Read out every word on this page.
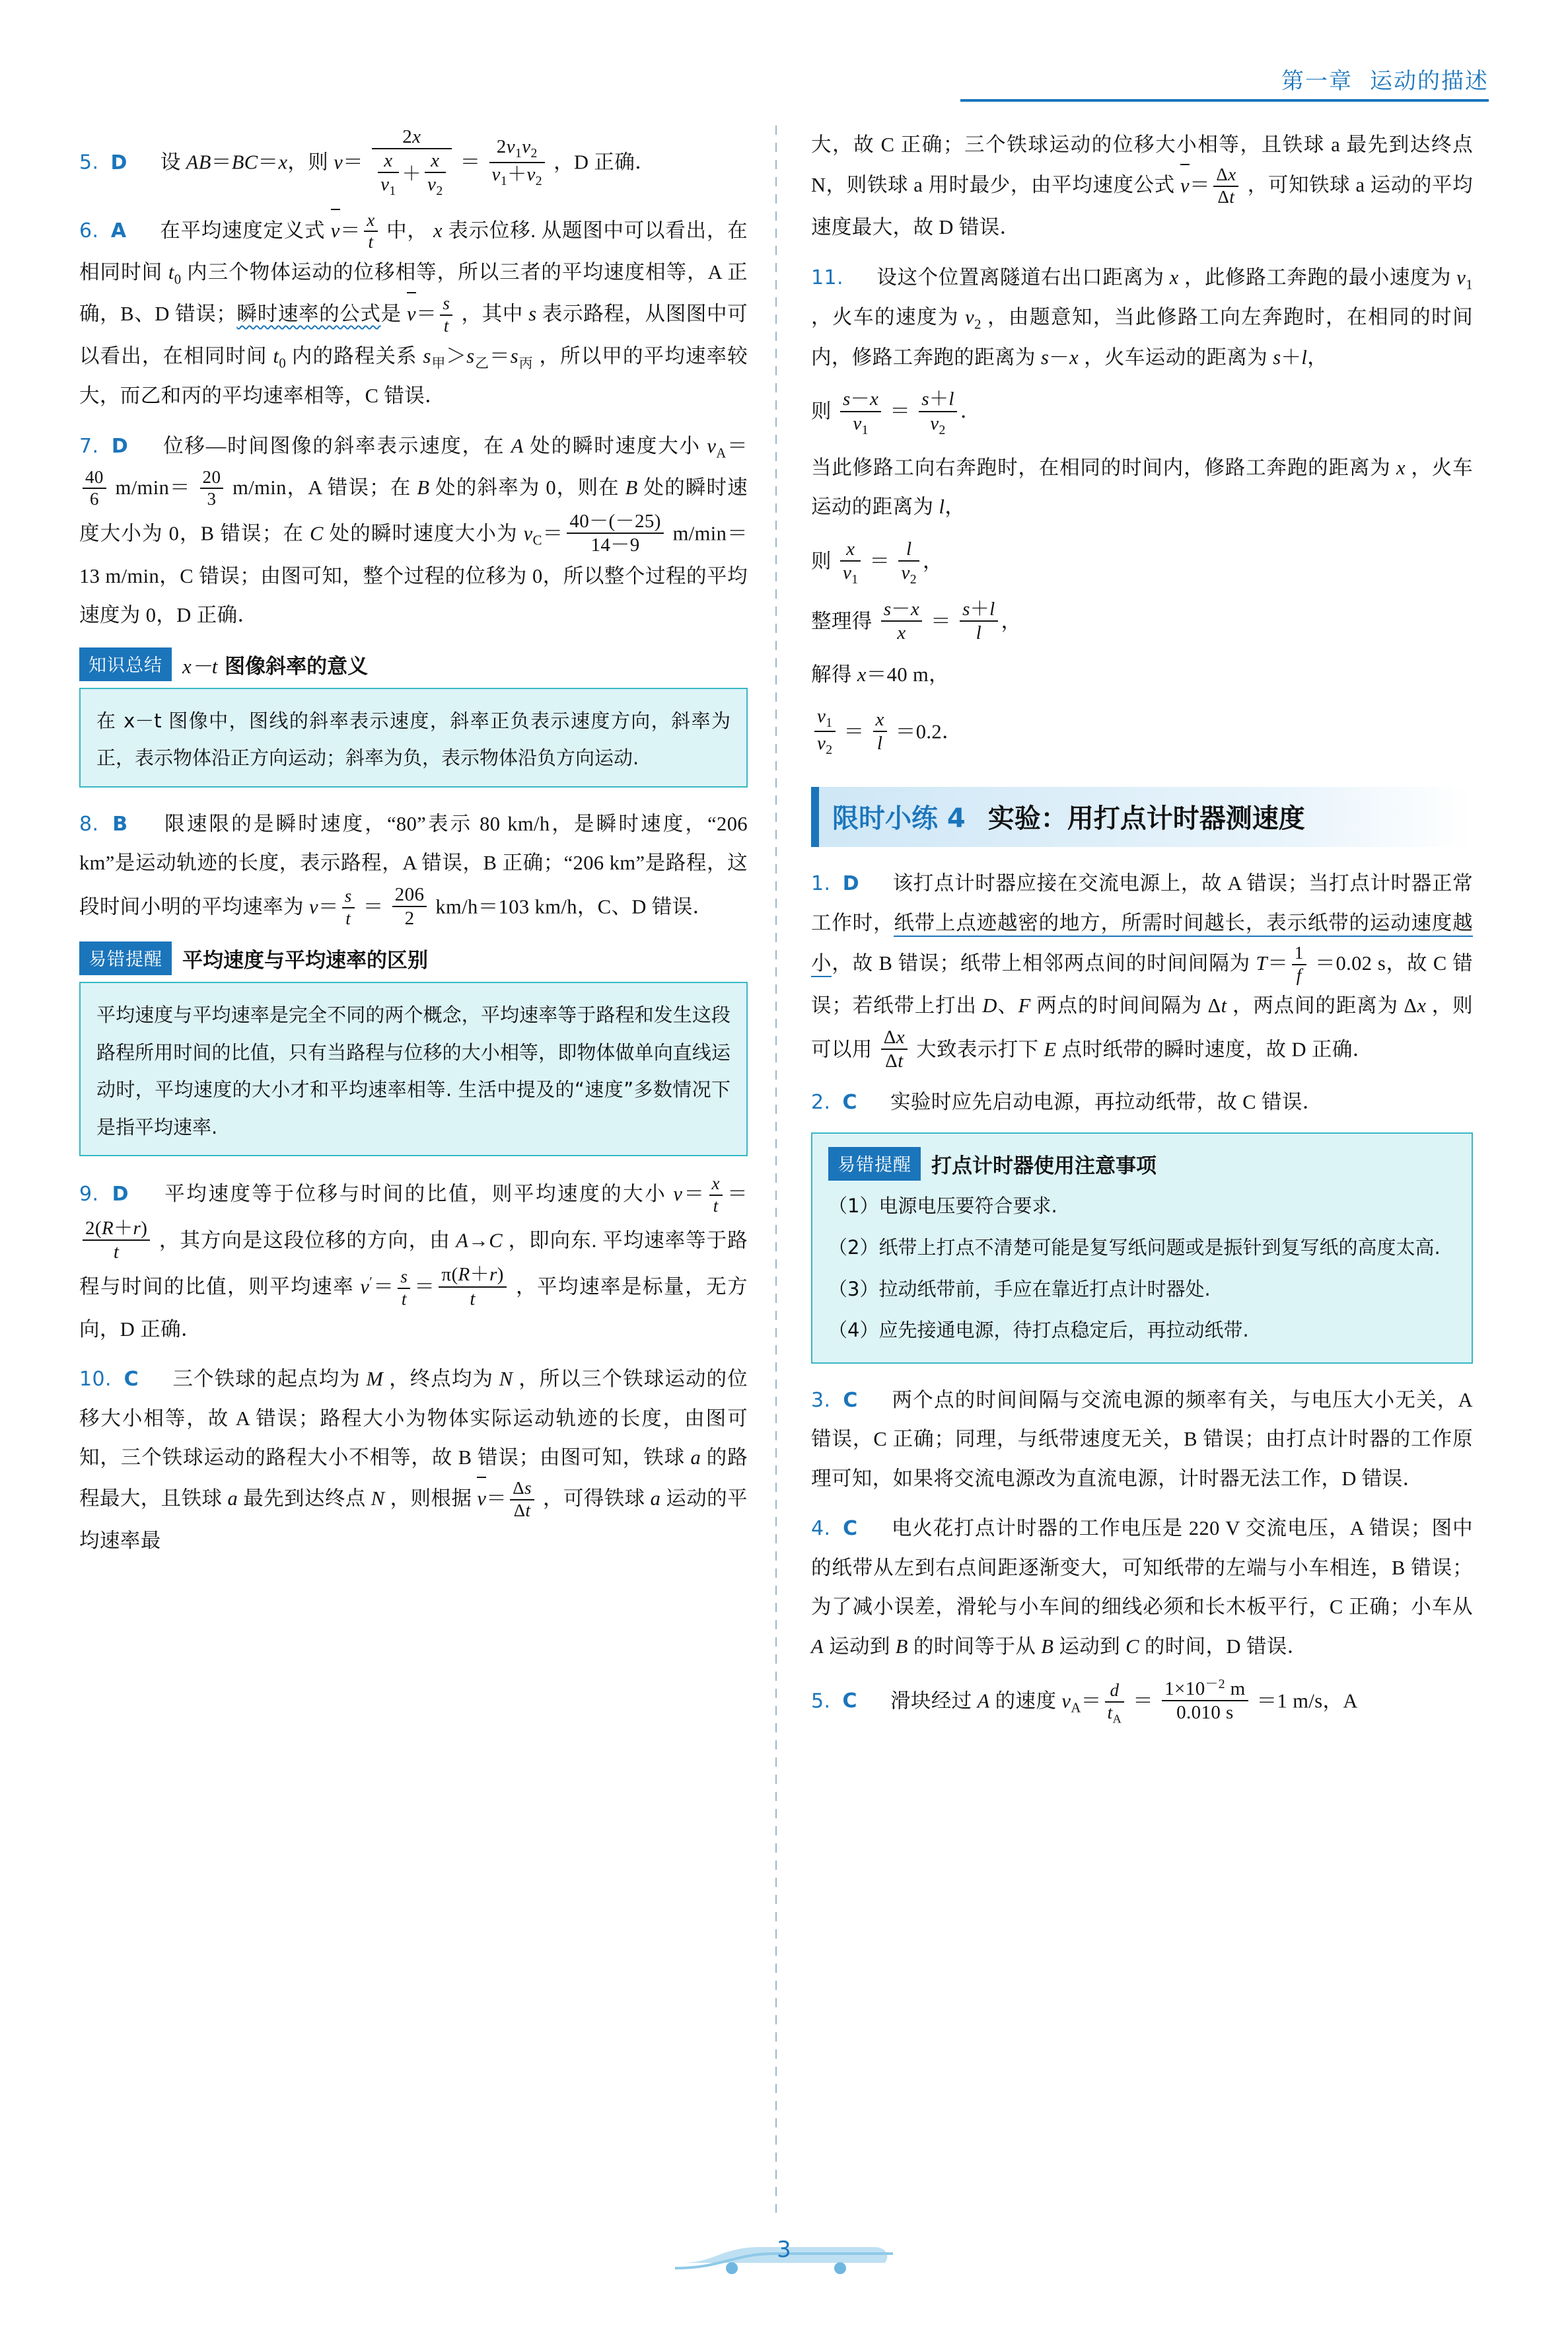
第一章 运动的描述
5. D 设 AB＝BC＝x，则 $v= \frac{2x}{\frac{x}{v_1} + \frac{x}{v_2}} = \frac{2v_1v_2}{v_1+v_2}$ ，D 正确．
6. A 在平均速度定义式 $v= \frac{x}{t}$ 中， x 表示位移. 从题图中可以看出，在相同时间 $t_0$ 内三个物体运动的位移相等，所以三者的平均速度相等，A 正确，B、D 错误；瞬时速率的公式是 $v= \frac{s}{t}$ ，其中 s 表示路程，从图图中可以看出，在相同时间 $t_0$ 内的路程关系 $s_甲>s_乙=s_丙$ ，所以甲的平均速率较大，而乙和丙的平均速率相等，C 错误．
7. D 位移—时间图像的斜率表示速度，在 A 处的瞬时速度大小 $v_A=$
$\frac{40}{6} m/\min= \frac{20}{3} m/\min$，A 错误；在 B 处的斜率为 0，则在 B 处的瞬时速度大小为 0，B 错误；在 C 处的瞬时速度大小为 $v_C= \frac{40-(-25)}{14-9} m/\min=13$ m/min，C 错误；由图可知，整个过程的位移为 0，所以整个过程的平均速度为 0，D 正确．
知识总结 x－t 图像斜率的意义
在 x－t 图像中，图线的斜率表示速度，斜率正负表示速度方向，斜率为正，表示物体沿正方向运动；斜率为负，表示物体沿负方向运动.
8. B 限速限的是瞬时速度，“80”表示 80 km/h，是瞬时速度，“206 km”是运动轨迹的长度，表示路程，A 错误，B 正确；“206 km”是路程，这段时间小明的平均速率为 $v= \frac{s}{t} = \frac{206}{2} km/h=103$ km/h，C、D 错误．
易错提醒 平均速度与平均速率的区别
平均速度与平均速率是完全不同的两个概念，平均速率等于路程和发生这段路程所用时间的比值，只有当路程与位移的大小相等，即物体做单向直线运动时，平均速度的大小才和平均速率相等. 生活中提及的“速度”多数情况下是指平均速率.
9. D 平均速度等于位移与时间的比值，则平均速度的大小 $v= \frac{x}{t}$ ＝
$\frac{2(R+r)}{t}$ ，其方向是这段位移的方向，由 A→C ，即向东. 平均速率等于路程与时间的比值，则平均速率 $v'= \frac{s}{t} = \frac{\pi(R+r)}{t}$ ，平均速率是标量，无方向，D 正确．
10. C 三个铁球的起点均为 M ，终点均为 N ，所以三个铁球运动的位移大小相等，故 A 错误；路程大小为物体实际运动轨迹的长度，由图可知，三个铁球运动的路程大小不相等，故 B 错误；由图可知，铁球 a 的路程最大，且铁球 a 最先到达终点 N ，则根据 $v= \frac{\Delta s}{\Delta t}$ ，可得铁球 a 运动的平均速率最
大，故 C 正确；三个铁球运动的位移大小相等，且铁球 a 最先到达终点 N，则铁球 a 用时最少，由平均速度公式 $v= \frac{\Delta x}{\Delta t}$ ，可知铁球 a 运动的平均速度最大，故 D 错误．
11. 设这个位置离隧道右出口距离为 x ，此修路工奔跑的最小速度为 $v_1$ ，火车的速度为 $v_2$ ，由题意知，当此修路工向左奔跑时，在相同的时间内，修路工奔跑的距离为 s－x ，火车运动的距离为 s＋l，
则 $\frac{s-x}{v_1} = \frac{s+l}{v_2}$ ．
当此修路工向右奔跑时，在相同的时间内，修路工奔跑的距离为 x ，火车运动的距离为 l，
则 $\frac{x}{v_1} = \frac{l}{v_2}$ ，
整理得 $\frac{s-x}{x} = \frac{s+l}{l}$ ，
解得 x＝40 m，
$\frac{v_1}{v_2} = \frac{x}{l} =0.2$．
限时小练 4 实验：用打点计时器测速度
1. D 该打点计时器应接在交流电源上，故 A 错误；当打点计时器正常工作时，纸带上点迹越密的地方，所需时间越长，表示纸带的运动速度越小，故 B 错误；纸带上相邻两点间的时间间隔为 $T= \frac{1}{f} =0.02$ s，故 C 错误；若纸带上打出 D、F 两点的时间间隔为 Δt ，两点间的距离为 Δx ，则可以用 $\frac{\Delta x}{\Delta t}$ 大致表示打下 E 点时纸带的瞬时速度，故 D 正确．
2. C 实验时应先启动电源，再拉动纸带，故 C 错误．
易错提醒 打点计时器使用注意事项

（1）电源电压要符合要求.

（2）纸带上打点不清楚可能是复写纸问题或是振针到复写纸的高度太高.

（3）拉动纸带前，手应在靠近打点计时器处.

（4）应先接通电源，待打点稳定后，再拉动纸带.

3. C 两个点的时间间隔与交流电源的频率有关，与电压大小无关，A 错误，C 正确；同理，与纸带速度无关，B 错误；由打点计时器的工作原理可知，如果将交流电源改为直流电源，计时器无法工作，D 错误．
4. C 电火花打点计时器的工作电压是 220 V 交流电压，A 错误；图中的纸带从左到右点间距逐渐变大，可知纸带的左端与小车相连，B 错误；为了减小误差，滑轮与小车间的细线必须和长木板平行，C 正确；小车从 A 运动到 B 的时间等于从 B 运动到 C 的时间，D 错误．
5. C 滑块经过 A 的速度 $v_A= \frac{d}{t_A} = \frac{1\times 10^{-2} m}{0.010 s} =1$ m/s，A
3
